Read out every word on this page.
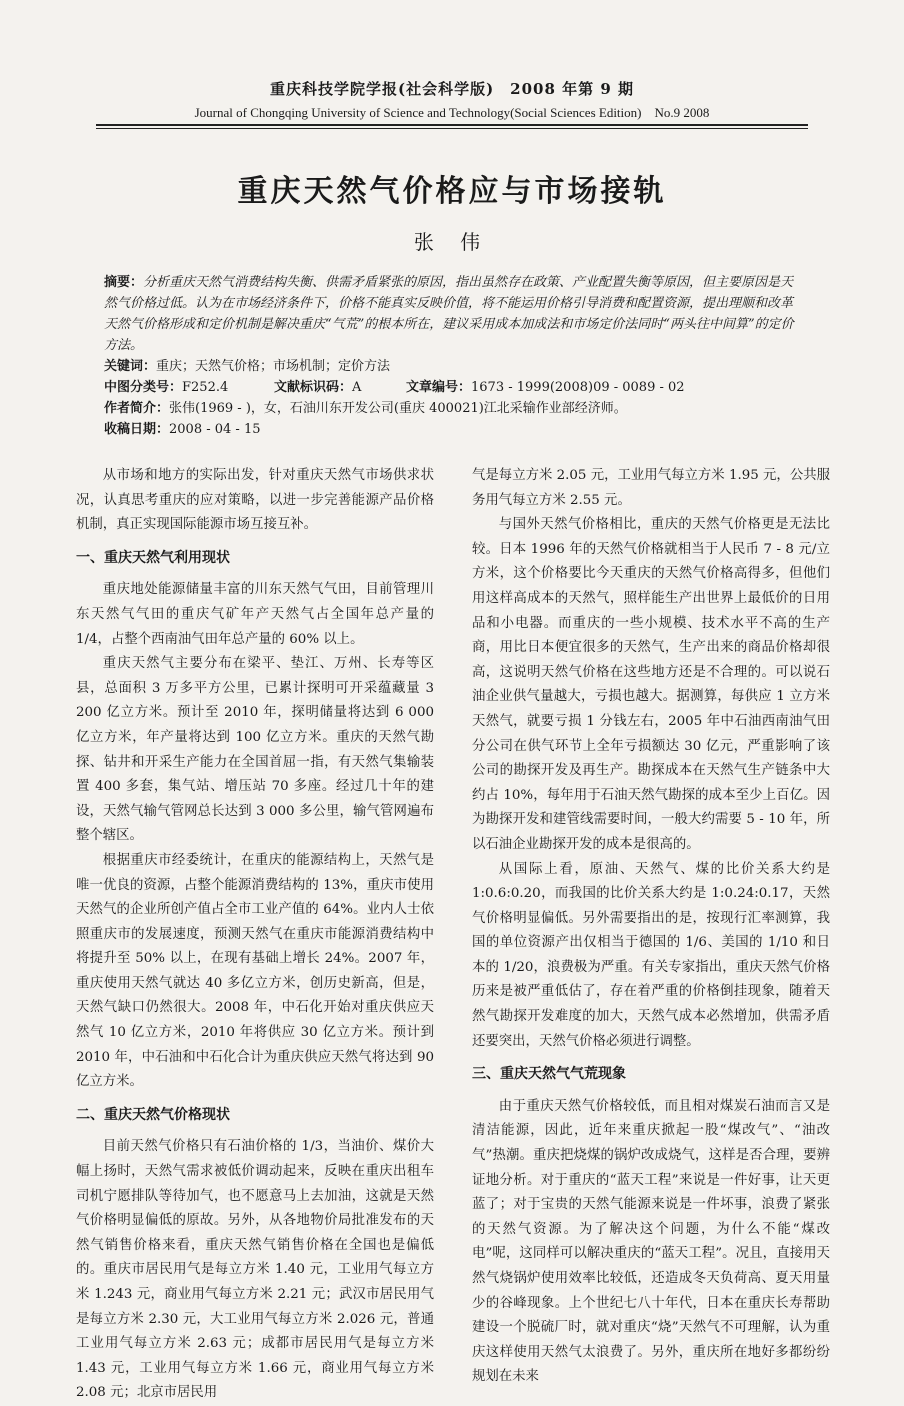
重庆科技学院学报(社会科学版)　2008 年第 9 期
Journal of Chongqing University of Science and Technology(Social Sciences Edition)　No.9 2008
重庆天然气价格应与市场接轨
张 伟

摘要：分析重庆天然气消费结构失衡、供需矛盾紧张的原因，指出虽然存在政策、产业配置失衡等原因，但主要原因是天然气价格过低。认为在市场经济条件下，价格不能真实反映价值，将不能运用价格引导消费和配置资源，提出理顺和改革天然气价格形成和定价机制是解决重庆“气荒”的根本所在，建议采用成本加成法和市场定价法同时“两头往中间算”的定价方法。

关键词：重庆；天然气价格；市场机制；定价方法

中图分类号：F252.4	文献标识码：A	文章编号：1673 - 1999(2008)09 - 0089 - 02

作者简介：张伟(1969 - )，女，石油川东开发公司(重庆 400021)江北采输作业部经济师。

收稿日期：2008 - 04 - 15

从市场和地方的实际出发，针对重庆天然气市场供求状况，认真思考重庆的应对策略，以进一步完善能源产品价格机制，真正实现国际能源市场互接互补。

一、重庆天然气利用现状

重庆地处能源储量丰富的川东天然气气田，目前管理川东天然气气田的重庆气矿年产天然气占全国年总产量的 1/4，占整个西南油气田年总产量的 60% 以上。

重庆天然气主要分布在梁平、垫江、万州、长寿等区县，总面积 3 万多平方公里，已累计探明可开采蕴藏量 3 200 亿立方米。预计至 2010 年，探明储量将达到 6 000 亿立方米，年产量将达到 100 亿立方米。重庆的天然气勘探、钻井和开采生产能力在全国首屈一指，有天然气集输装置 400 多套，集气站、增压站 70 多座。经过几十年的建设，天然气输气管网总长达到 3 000 多公里，输气管网遍布整个辖区。

根据重庆市经委统计，在重庆的能源结构上，天然气是唯一优良的资源，占整个能源消费结构的 13%，重庆市使用天然气的企业所创产值占全市工业产值的 64%。业内人士依照重庆市的发展速度，预测天然气在重庆市能源消费结构中将提升至 50% 以上，在现有基础上增长 24%。2007 年，重庆使用天然气就达 40 多亿立方米，创历史新高，但是，天然气缺口仍然很大。2008 年，中石化开始对重庆供应天然气 10 亿立方米，2010 年将供应 30 亿立方米。预计到 2010 年，中石油和中石化合计为重庆供应天然气将达到 90 亿立方米。

二、重庆天然气价格现状

目前天然气价格只有石油价格的 1/3，当油价、煤价大幅上扬时，天然气需求被低价调动起来，反映在重庆出租车司机宁愿排队等待加气，也不愿意马上去加油，这就是天然气价格明显偏低的原故。另外，从各地物价局批准发布的天然气销售价格来看，重庆天然气销售价格在全国也是偏低的。重庆市居民用气是每立方米 1.40 元，工业用气每立方米 1.243 元，商业用气每立方米 2.21 元；武汉市居民用气是每立方米 2.30 元，大工业用气每立方米 2.026 元，普通工业用气每立方米 2.63 元；成都市居民用气是每立方米 1.43 元，工业用气每立方米 1.66 元，商业用气每立方米 2.08 元；北京市居民用

气是每立方米 2.05 元，工业用气每立方米 1.95 元，公共服务用气每立方米 2.55 元。

与国外天然气价格相比，重庆的天然气价格更是无法比较。日本 1996 年的天然气价格就相当于人民币 7 - 8 元/立方米，这个价格要比今天重庆的天然气价格高得多，但他们用这样高成本的天然气，照样能生产出世界上最低价的日用品和小电器。而重庆的一些小规模、技术水平不高的生产商，用比日本便宜很多的天然气，生产出来的商品价格却很高，这说明天然气价格在这些地方还是不合理的。可以说石油企业供气量越大，亏损也越大。据测算，每供应 1 立方米天然气，就要亏损 1 分钱左右，2005 年中石油西南油气田分公司在供气环节上全年亏损额达 30 亿元，严重影响了该公司的勘探开发及再生产。勘探成本在天然气生产链条中大约占 10%，每年用于石油天然气勘探的成本至少上百亿。因为勘探开发和建管线需要时间，一般大约需要 5 - 10 年，所以石油企业勘探开发的成本是很高的。

从国际上看，原油、天然气、煤的比价关系大约是 1:0.6:0.20，而我国的比价关系大约是 1:0.24:0.17，天然气价格明显偏低。另外需要指出的是，按现行汇率测算，我国的单位资源产出仅相当于德国的 1/6、美国的 1/10 和日本的 1/20，浪费极为严重。有关专家指出，重庆天然气价格历来是被严重低估了，存在着严重的价格倒挂现象，随着天然气勘探开发难度的加大，天然气成本必然增加，供需矛盾还要突出，天然气价格必须进行调整。

三、重庆天然气气荒现象

由于重庆天然气价格较低，而且相对煤炭石油而言又是清洁能源，因此，近年来重庆掀起一股“煤改气”、“油改气”热潮。重庆把烧煤的锅炉改成烧气，这样是否合理，要辨证地分析。对于重庆的“蓝天工程”来说是一件好事，让天更蓝了；对于宝贵的天然气能源来说是一件坏事，浪费了紧张的天然气资源。为了解决这个问题，为什么不能“煤改电”呢，这同样可以解决重庆的“蓝天工程”。况且，直接用天然气烧锅炉使用效率比较低，还造成冬天负荷高、夏天用量少的谷峰现象。上个世纪七八十年代，日本在重庆长寿帮助建设一个脱硫厂时，就对重庆“烧”天然气不可理解，认为重庆这样使用天然气太浪费了。另外，重庆所在地好多都纷纷规划在未来
